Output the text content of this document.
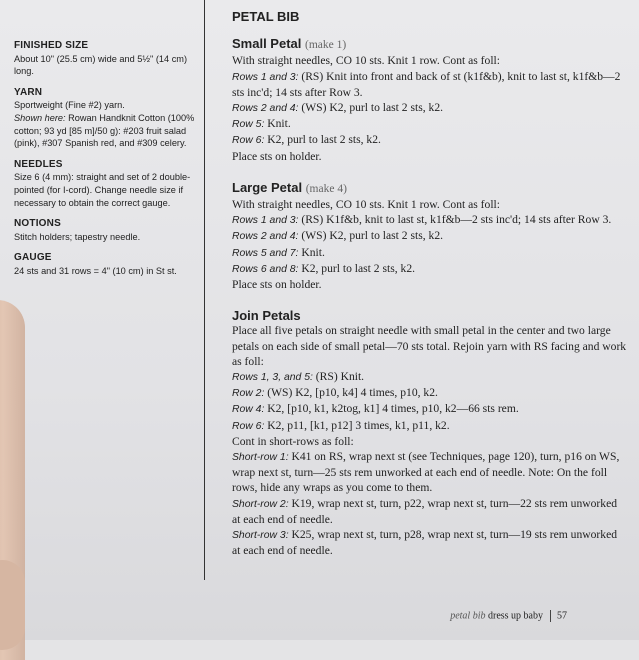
FINISHED SIZE

About 10" (25.5 cm) wide and 5½" (14 cm) long.

YARN

Sportweight (Fine #2) yarn.
Shown here: Rowan Handknit Cotton (100% cotton; 93 yd [85 m]/50 g): #203 fruit salad (pink), #307 Spanish red, and #309 celery.

NEEDLES

Size 6 (4 mm): straight and set of 2 double-pointed (for I-cord). Change needle size if necessary to obtain the correct gauge.

NOTIONS

Stitch holders; tapestry needle.

GAUGE

24 sts and 31 rows = 4" (10 cm) in St st.

PETAL BIB
Small Petal (make 1)

With straight needles, CO 10 sts. Knit 1 row. Cont as foll:

Rows 1 and 3: (RS) Knit into front and back of st (k1f&b), knit to last st, k1f&b—2 sts inc'd; 14 sts after Row 3.

Rows 2 and 4: (WS) K2, purl to last 2 sts, k2.

Row 5: Knit.

Row 6: K2, purl to last 2 sts, k2.

Place sts on holder.

Large Petal (make 4)

With straight needles, CO 10 sts. Knit 1 row. Cont as foll:

Rows 1 and 3: (RS) K1f&b, knit to last st, k1f&b—2 sts inc'd; 14 sts after Row 3.

Rows 2 and 4: (WS) K2, purl to last 2 sts, k2.

Rows 5 and 7: Knit.

Rows 6 and 8: K2, purl to last 2 sts, k2.

Place sts on holder.

Join Petals

Place all five petals on straight needle with small petal in the center and two large petals on each side of small petal—70 sts total. Rejoin yarn with RS facing and work as foll:

Rows 1, 3, and 5: (RS) Knit.

Row 2: (WS) K2, [p10, k4] 4 times, p10, k2.

Row 4: K2, [p10, k1, k2tog, k1] 4 times, p10, k2—66 sts rem.

Row 6: K2, p11, [k1, p12] 3 times, k1, p11, k2.

Cont in short-rows as foll:

Short-row 1: K41 on RS, wrap next st (see Techniques, page 120), turn, p16 on WS, wrap next st, turn—25 sts rem unworked at each end of needle. Note: On the foll rows, hide any wraps as you come to them.

Short-row 2: K19, wrap next st, turn, p22, wrap next st, turn—22 sts rem unworked at each end of needle.

Short-row 3: K25, wrap next st, turn, p28, wrap next st, turn—19 sts rem unworked at each end of needle.

petal bib dress up baby 57
